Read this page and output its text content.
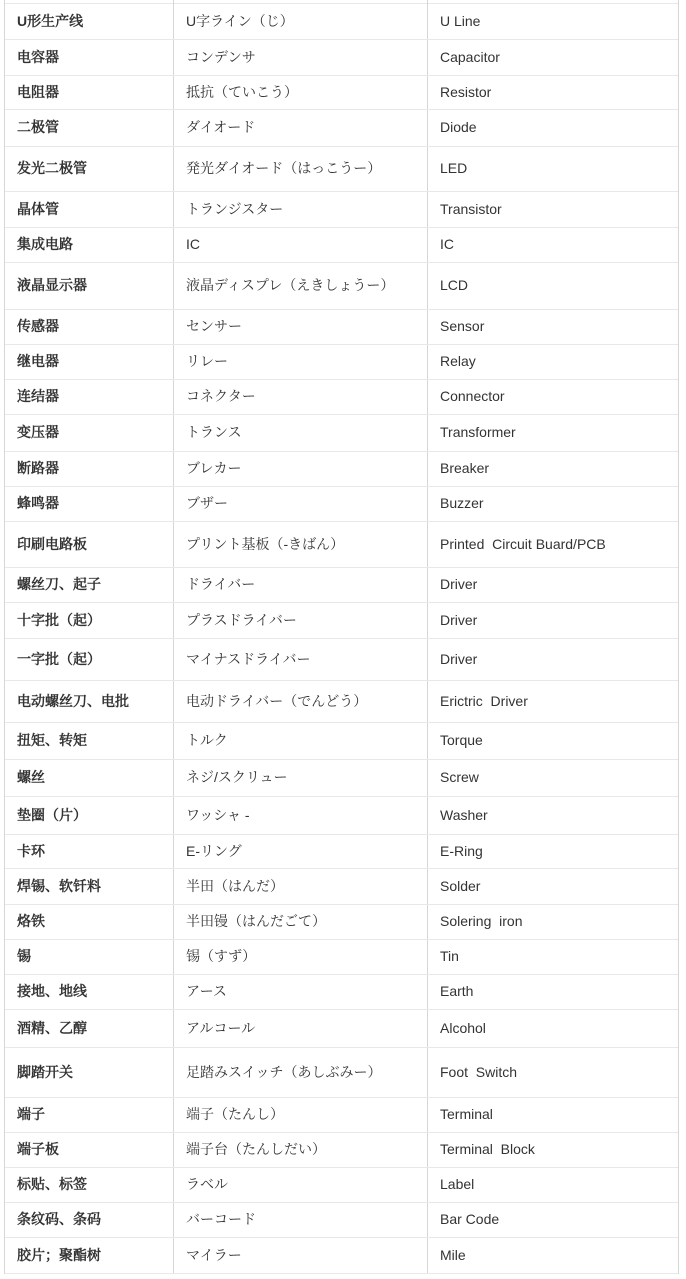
U形生产线	U字ライン（じ）	U Line
电容器	コンデンサ	Capacitor
电阻器	抵抗（ていこう）	Resistor
二极管	ダイオード	Diode
发光二极管	発光ダイオード（はっこうー）	LED
晶体管	トランジスター	Transistor
集成电路	IC	IC
液晶显示器	液晶ディスプレ（えきしょうー）	LCD
传感器	センサー	Sensor
继电器	リレー	Relay
连结器	コネクター	Connector
变压器	トランス	Transformer
断路器	ブレカー	Breaker
蜂鸣器	ブザー	Buzzer
印刷电路板	プリント基板（-きばん）	Printed  Circuit Buard/PCB
螺丝刀、起子	ドライバー	Driver
十字批（起）	プラスドライバー	Driver
一字批（起）	マイナスドライバー	Driver
电动螺丝刀、电批	电动ドライバー（でんどう）	Erictric  Driver
扭矩、转矩	トルク	Torque
螺丝	ネジ/スクリュー	Screw
垫圈（片）	ワッシャ -	Washer
卡环	E-リング	E-Ring
焊锡、软钎料	半田（はんだ）	Solder
烙铁	半田镘（はんだごて）	Solering  iron
锡	锡（すず）	Tin
接地、地线	アース	Earth
酒精、乙醇	アルコール	Alcohol
脚踏开关	足踏みスイッチ（あしぶみー）	Foot  Switch
端子	端子（たんし）	Terminal
端子板	端子台（たんしだい）	Terminal  Block
标贴、标签	ラベル	Label
条纹码、条码	バーコード	Bar Code
胶片；聚酯树	マイラー	Mile
